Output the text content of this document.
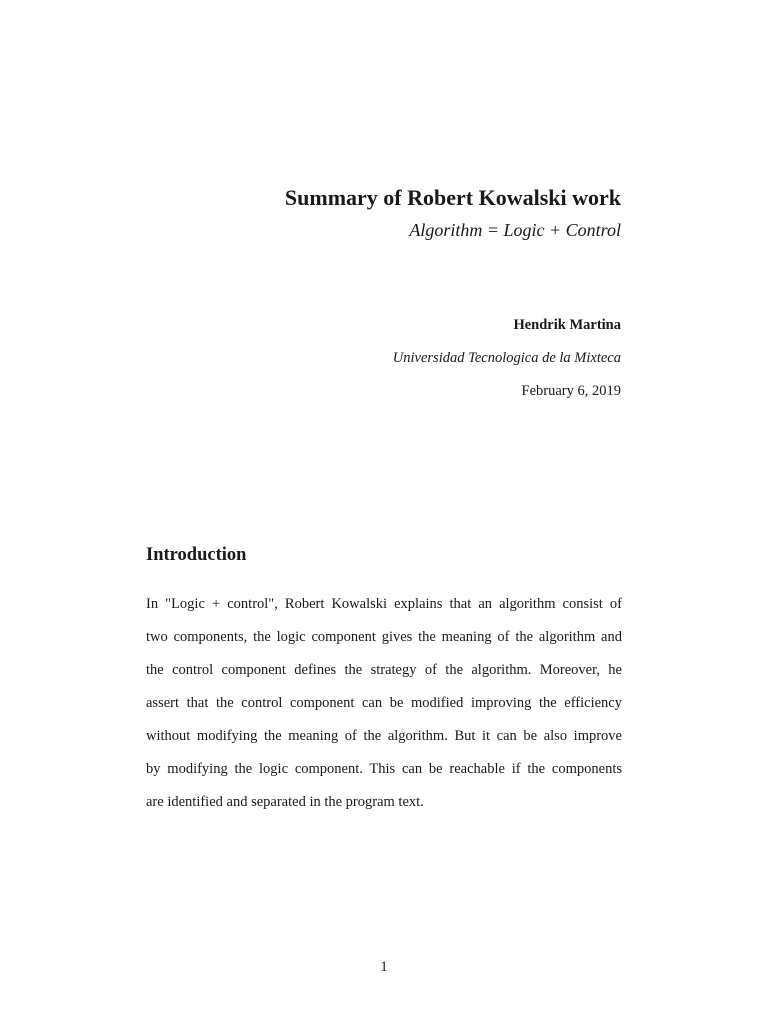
Summary of Robert Kowalski work
Algorithm = Logic + Control
Hendrik Martina
Universidad Tecnologica de la Mixteca
February 6, 2019
Introduction
In "Logic + control", Robert Kowalski explains that an algorithm consist of
two components, the logic component gives the meaning of the algorithm and
the control component defines the strategy of the algorithm. Moreover, he
assert that the control component can be modified improving the efficiency
without modifying the meaning of the algorithm. But it can be also improve
by modifying the logic component. This can be reachable if the components
are identified and separated in the program text.
1
